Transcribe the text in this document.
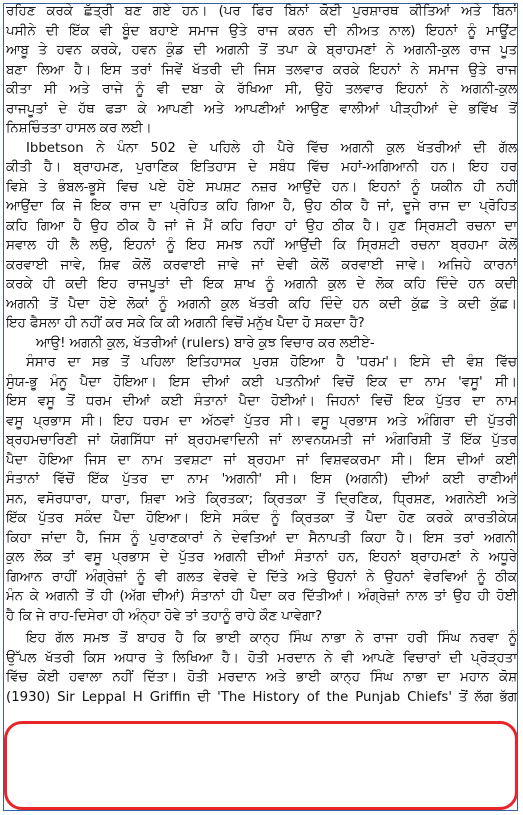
ਰਹਿਣ ਕਰਕੇ ਛੱਤ੍ਰੀ ਬਣ ਗਏ ਹਨ। (ਪਰ ਫਿਰ ਬਿਨਾਂ ਕੋਈ ਪੁਰਸ਼ਾਰਥ ਕੀਤਿਆਂ ਅਤੇ ਬਿਨਾਂ
ਪਸੀਨੇ ਦੀ ਇੱਕ ਵੀ ਬੂੰਦ ਬਹਾਏ ਸਮਾਜ ਉਤੇ ਰਾਜ ਕਰਨ ਦੀ ਨੀਅਤ ਨਾਲ) ਇਹਨਾਂ ਨੂੰ ਮਾਊਂਟ
ਆਬੂ ਤੇ ਹਵਨ ਕਰਕੇ, ਹਵਨ ਕੁੰਡ ਦੀ ਅਗਨੀ ਤੋਂ ਤਪਾ ਕੇ ਬ੍ਰਾਹਮਣਾਂ ਨੇ ਅਗਨੀ-ਕੁਲ ਰਾਜ ਪੂਤ
ਬਣਾ ਲਿਆ ਹੈ। ਇਸ ਤਰਾਂ ਜਿਵੇਂ ਖੱਤਰੀ ਦੀ ਜਿਸ ਤਲਵਾਰ ਕਰਕੇ ਇਹਨਾਂ ਨੇ ਸਮਾਜ ਉਤੇ ਰਾਜ
ਕੀਤਾ ਸੀ ਅਤੇ ਰਾਜੇ ਨੂੰ ਵੀ ਦਬਾ ਕੇ ਰੱਖਿਆ ਸੀ, ਉਹੋ ਤਲਵਾਰ ਇਹਨਾਂ ਨੇ ਅਗਨੀ-ਕੁਲ
ਰਾਜਪੂਤਾਂ ਦੇ ਹੱਥ ਫੜਾ ਕੇ ਆਪਣੀ ਅਤੇ ਆਪਣੀਆਂ ਆਉਣ ਵਾਲੀਆਂ ਪੀੜ੍ਹੀਆਂ ਦੇ ਭਵਿੱਖ ਤੋਂ
ਨਿਸ਼ਚਿੰਤਤਾ ਹਾਸਲ ਕਰ ਲਈ।
Ibbetson ਨੇ ਪੰਨਾ 502 ਦੇ ਪਹਿਲੇ ਹੀ ਪੈਰੇ ਵਿੱਚ ਅਗਨੀ ਕੁਲ ਖੱਤਰੀਆਂ ਦੀ ਗੱਲ
ਕੀਤੀ ਹੈ। ਬ੍ਰਾਹਮਣ, ਪੁਰਾਣਿਕ ਇਤਿਹਾਸ ਦੇ ਸਬੰਧ ਵਿੱਚ ਮਹਾਂ-ਅਗਿਆਨੀ ਹਨ। ਇਹ ਹਰ
ਵਿਸ਼ੇ ਤੇ ਭੰਬਲ-ਭੂਸੇ ਵਿਚ ਪਏ ਹੋਏ ਸਪਸ਼ਟ ਨਜ਼ਰ ਆਉਂਦੇ ਹਨ। ਇਹਨਾਂ ਨੂੰ ਯਕੀਨ ਹੀ ਨਹੀਂ
ਆਉਂਦਾ ਕਿ ਜੋ ਇਕ ਰਾਜ ਦਾ ਪ੍ਰੋਹਿਤ ਕਹਿ ਗਿਆ ਹੈ, ਉਹ ਠੀਕ ਹੈ ਜਾਂ, ਦੂਜੇ ਰਾਜ ਦਾ ਪ੍ਰੋਹਿਤ
ਕਹਿ ਗਿਆ ਹੈ ਉਹ ਠੀਕ ਹੈ ਜਾਂ ਜੋ ਮੈਂ ਕਹਿ ਰਿਹਾ ਹਾਂ ਉਹ ਠੀਕ ਹੈ। ਹੁਣ ਸ੍ਰਿਸ਼ਟੀ ਰਚਨਾ ਦਾ
ਸਵਾਲ ਹੀ ਲੈ ਲਉ, ਇਹਨਾਂ ਨੂੰ ਇਹ ਸਮਝ ਨਹੀਂ ਆਉਂਦੀ ਕਿ ਸ੍ਰਿਸ਼ਟੀ ਰਚਨਾ ਬ੍ਰਹਮਾ ਕੋਲੋਂ
ਕਰਵਾਈ ਜਾਵੇ, ਸ਼ਿਵ ਕੋਲੋਂ ਕਰਵਾਈ ਜਾਵੇ ਜਾਂ ਦੇਵੀ ਕੋਲੋਂ ਕਰਵਾਈ ਜਾਵੇ। ਅਜਿਹੇ ਕਾਰਨਾਂ
ਕਰਕੇ ਹੀ ਕਦੀ ਇਹ ਰਾਜਪੂਤਾਂ ਦੀ ਇਕ ਸ਼ਾਖ ਨੂੰ ਅਗਨੀ ਕੁਲ ਦੇ ਲੋਕ ਕਹਿ ਦਿੰਦੇ ਹਨ ਕਦੀ
ਅਗਨੀ ਤੋਂ ਪੈਦਾ ਹੋਏ ਲੋਕਾਂ ਨੂੰ ਅਗਨੀ ਕੁਲ ਖੱਤਰੀ ਕਹਿ ਦਿੰਦੇ ਹਨ ਕਦੀ ਕੁੱਛ ਤੇ ਕਦੀ ਕੁੱਛ।
ਇਹ ਫੈਸਲਾ ਹੀ ਨਹੀਂ ਕਰ ਸਕੇ ਕਿ ਕੀ ਅਗਨੀ ਵਿਚੋਂ ਮਨੁੱਖ ਪੈਦਾ ਹੋ ਸਕਦਾ ਹੈ?
ਆਉ! ਅਗਨੀ ਕੁਲ, ਖੱਤਰੀਆਂ (rulers) ਬਾਰੇ ਕੁਝ ਵਿਚਾਰ ਕਰ ਲਈਏ-
ਸੰਸਾਰ ਦਾ ਸਭ ਤੋਂ ਪਹਿਲਾ ਇਤਿਹਾਸਕ ਪੁਰਸ਼ ਹੋਇਆ ਹੈ 'ਧਰਮ'। ਇਸੇ ਦੀ ਵੰਸ਼ ਵਿੱਚ
ਸੁੰਯ-ਭੂ ਮੰਨੂ ਪੈਦਾ ਹੋਇਆ। ਇਸ ਦੀਆਂ ਕਈ ਪਤਨੀਆਂ ਵਿਚੋਂ ਇਕ ਦਾ ਨਾਮ 'ਵਸੂ' ਸੀ।
ਇਸ ਵਸੂ ਤੋਂ ਧਰਮ ਦੀਆਂ ਕਈ ਸੰਤਾਨਾਂ ਪੈਦਾ ਹੋਈਆਂ। ਜਿਹਨਾਂ ਵਿਚੋਂ ਇਕ ਪੁੱਤਰ ਦਾ ਨਾਮ
ਵਸੂ ਪ੍ਰਭਾਸ ਸੀ। ਇਹ ਧਰਮ ਦਾ ਅੱਠਵਾਂ ਪੁੱਤਰ ਸੀ। ਵਸੂ ਪ੍ਰਭਾਸ ਅਤੇ ਅੰਗਿਰਾ ਦੀ ਪੁੱਤਰੀ
ਬ੍ਰਹਮਚਾਰਿਣੀ ਜਾਂ ਯੋਗਸਿੱਧਾ ਜਾਂ ਬ੍ਰਹਮਵਾਦਿਨੀ ਜਾਂ ਲਾਵਨਯਮਤੀ ਜਾਂ ਅੰਗਰਿਸ਼ੀ ਤੋਂ ਇੱਕ ਪੁੱਤਰ
ਪੈਦਾ ਹੋਇਆ ਜਿਸ ਦਾ ਨਾਮ ਤਵਸ਼ਟਾ ਜਾਂ ਬ੍ਰਹਮਾ ਜਾਂ ਵਿਸ਼ਵਕਰਮਾ ਸੀ। ਇਸ ਦੀਆਂ ਕਈ
ਸੰਤਾਨਾਂ ਵਿੱਚੋਂ ਇੱਕ ਪੁੱਤਰ ਦਾ ਨਾਮ 'ਅਗਨੀ' ਸੀ। ਇਸ (ਅਗਨੀ) ਦੀਆਂ ਕਈ ਰਾਣੀਆਂ
ਸਨ, ਵਸੋਰਧਾਰਾ, ਧਾਰਾ, ਸ਼ਿਵਾ ਅਤੇ ਕ੍ਰਿਤਕਾ; ਕ੍ਰਿਤਕਾ ਤੋਂ ਦ੍ਰਿਣਿਕ, ਧ੍ਰਿਸ਼ਣ, ਅਗਨੇਈ ਅਤੇ
ਇੱਕ ਪੁੱਤਰ ਸਕੰਦ ਪੈਦਾ ਹੋਇਆ। ਇਸੇ ਸਕੰਦ ਨੂੰ ਕ੍ਰਿਤਕਾ ਤੋਂ ਪੈਦਾ ਹੋਣ ਕਰਕੇ ਕਾਰਤੀਕੇਯ
ਕਿਹਾ ਜਾਂਦਾ ਹੈ, ਜਿਸ ਨੂੰ ਪੁਰਾਣਕਾਰਾਂ ਨੇ ਦੇਵਤਿਆਂ ਦਾ ਸੈਨਾਪਤੀ ਕਿਹਾ ਹੈ। ਇਸ ਤਰਾਂ ਅਗਨੀ
ਕੁਲ ਲੋਕ ਤਾਂ ਵਸੂ ਪ੍ਰਭਾਸ ਦੇ ਪੁੱਤਰ ਅਗਨੀ ਦੀਆਂ ਸੰਤਾਨਾਂ ਹਨ, ਇਹਨਾਂ ਬ੍ਰਾਹਮਣਾਂ ਨੇ ਅਧੂਰੇ
ਗਿਆਨ ਰਾਹੀਂ ਅੰਗ੍ਰੇਜ਼ਾਂ ਨੂੰ ਵੀ ਗਲਤ ਵੇਰਵੇ ਦੇ ਦਿੱਤੇ ਅਤੇ ਉਹਨਾਂ ਨੇ ਉਹਨਾਂ ਵੇਰਵਿਆਂ ਨੂੰ ਠੀਕ
ਮੰਨ ਕੇ ਅਗਨੀ ਤੋਂ ਹੀ (ਅੱਗ ਦੀਆਂ) ਸੰਤਾਨਾਂ ਹੀ ਪੈਦਾ ਕਰ ਦਿੱਤੀਆਂ। ਅੰਗ੍ਰੇਜ਼ਾਂ ਨਾਲ ਤਾਂ ਉਹ ਹੀ ਹੋਈ
ਹੈ ਕਿ ਜੇ ਰਾਹ-ਦਿਸੇਰਾ ਹੀ ਅੰਨ੍ਹਾ ਹੋਵੇ ਤਾਂ ਤਹਾਨੂੰ ਰਾਹੇ ਕੌਣ ਪਾਵੇਗਾ?
ਇਹ ਗੱਲ ਸਮਝ ਤੋਂ ਬਾਹਰ ਹੈ ਕਿ ਭਾਈ ਕਾਨ੍ਹ ਸਿੰਘ ਨਾਭਾ ਨੇ ਰਾਜਾ ਹਰੀ ਸਿੰਘ ਨਰਵਾ ਨੂੰ
ਉੱਪਲ ਖੱਤਰੀ ਕਿਸ ਅਧਾਰ ਤੇ ਲਿਖਿਆ ਹੈ। ਹੋਤੀ ਮਰਦਾਨ ਨੇ ਵੀ ਆਪਣੇ ਵਿਚਾਰਾਂ ਦੀ ਪ੍ਰੋੜ੍ਹਤਾ
ਵਿੱਚ ਕੋਈ ਹਵਾਲਾ ਨਹੀਂ ਦਿੱਤਾ। ਹੋਤੀ ਮਰਦਾਨ ਅਤੇ ਭਾਈ ਕਾਨ੍ਹ ਸਿੰਘ ਨਾਭਾ ਦਾ ਮਹਾਨ ਕੋਸ਼
(1930) Sir Leppal H Griffin ਦੀ 'The History of the Punjab Chiefs' ਤੋਂ ਲੱਗ ਭੱਗ
